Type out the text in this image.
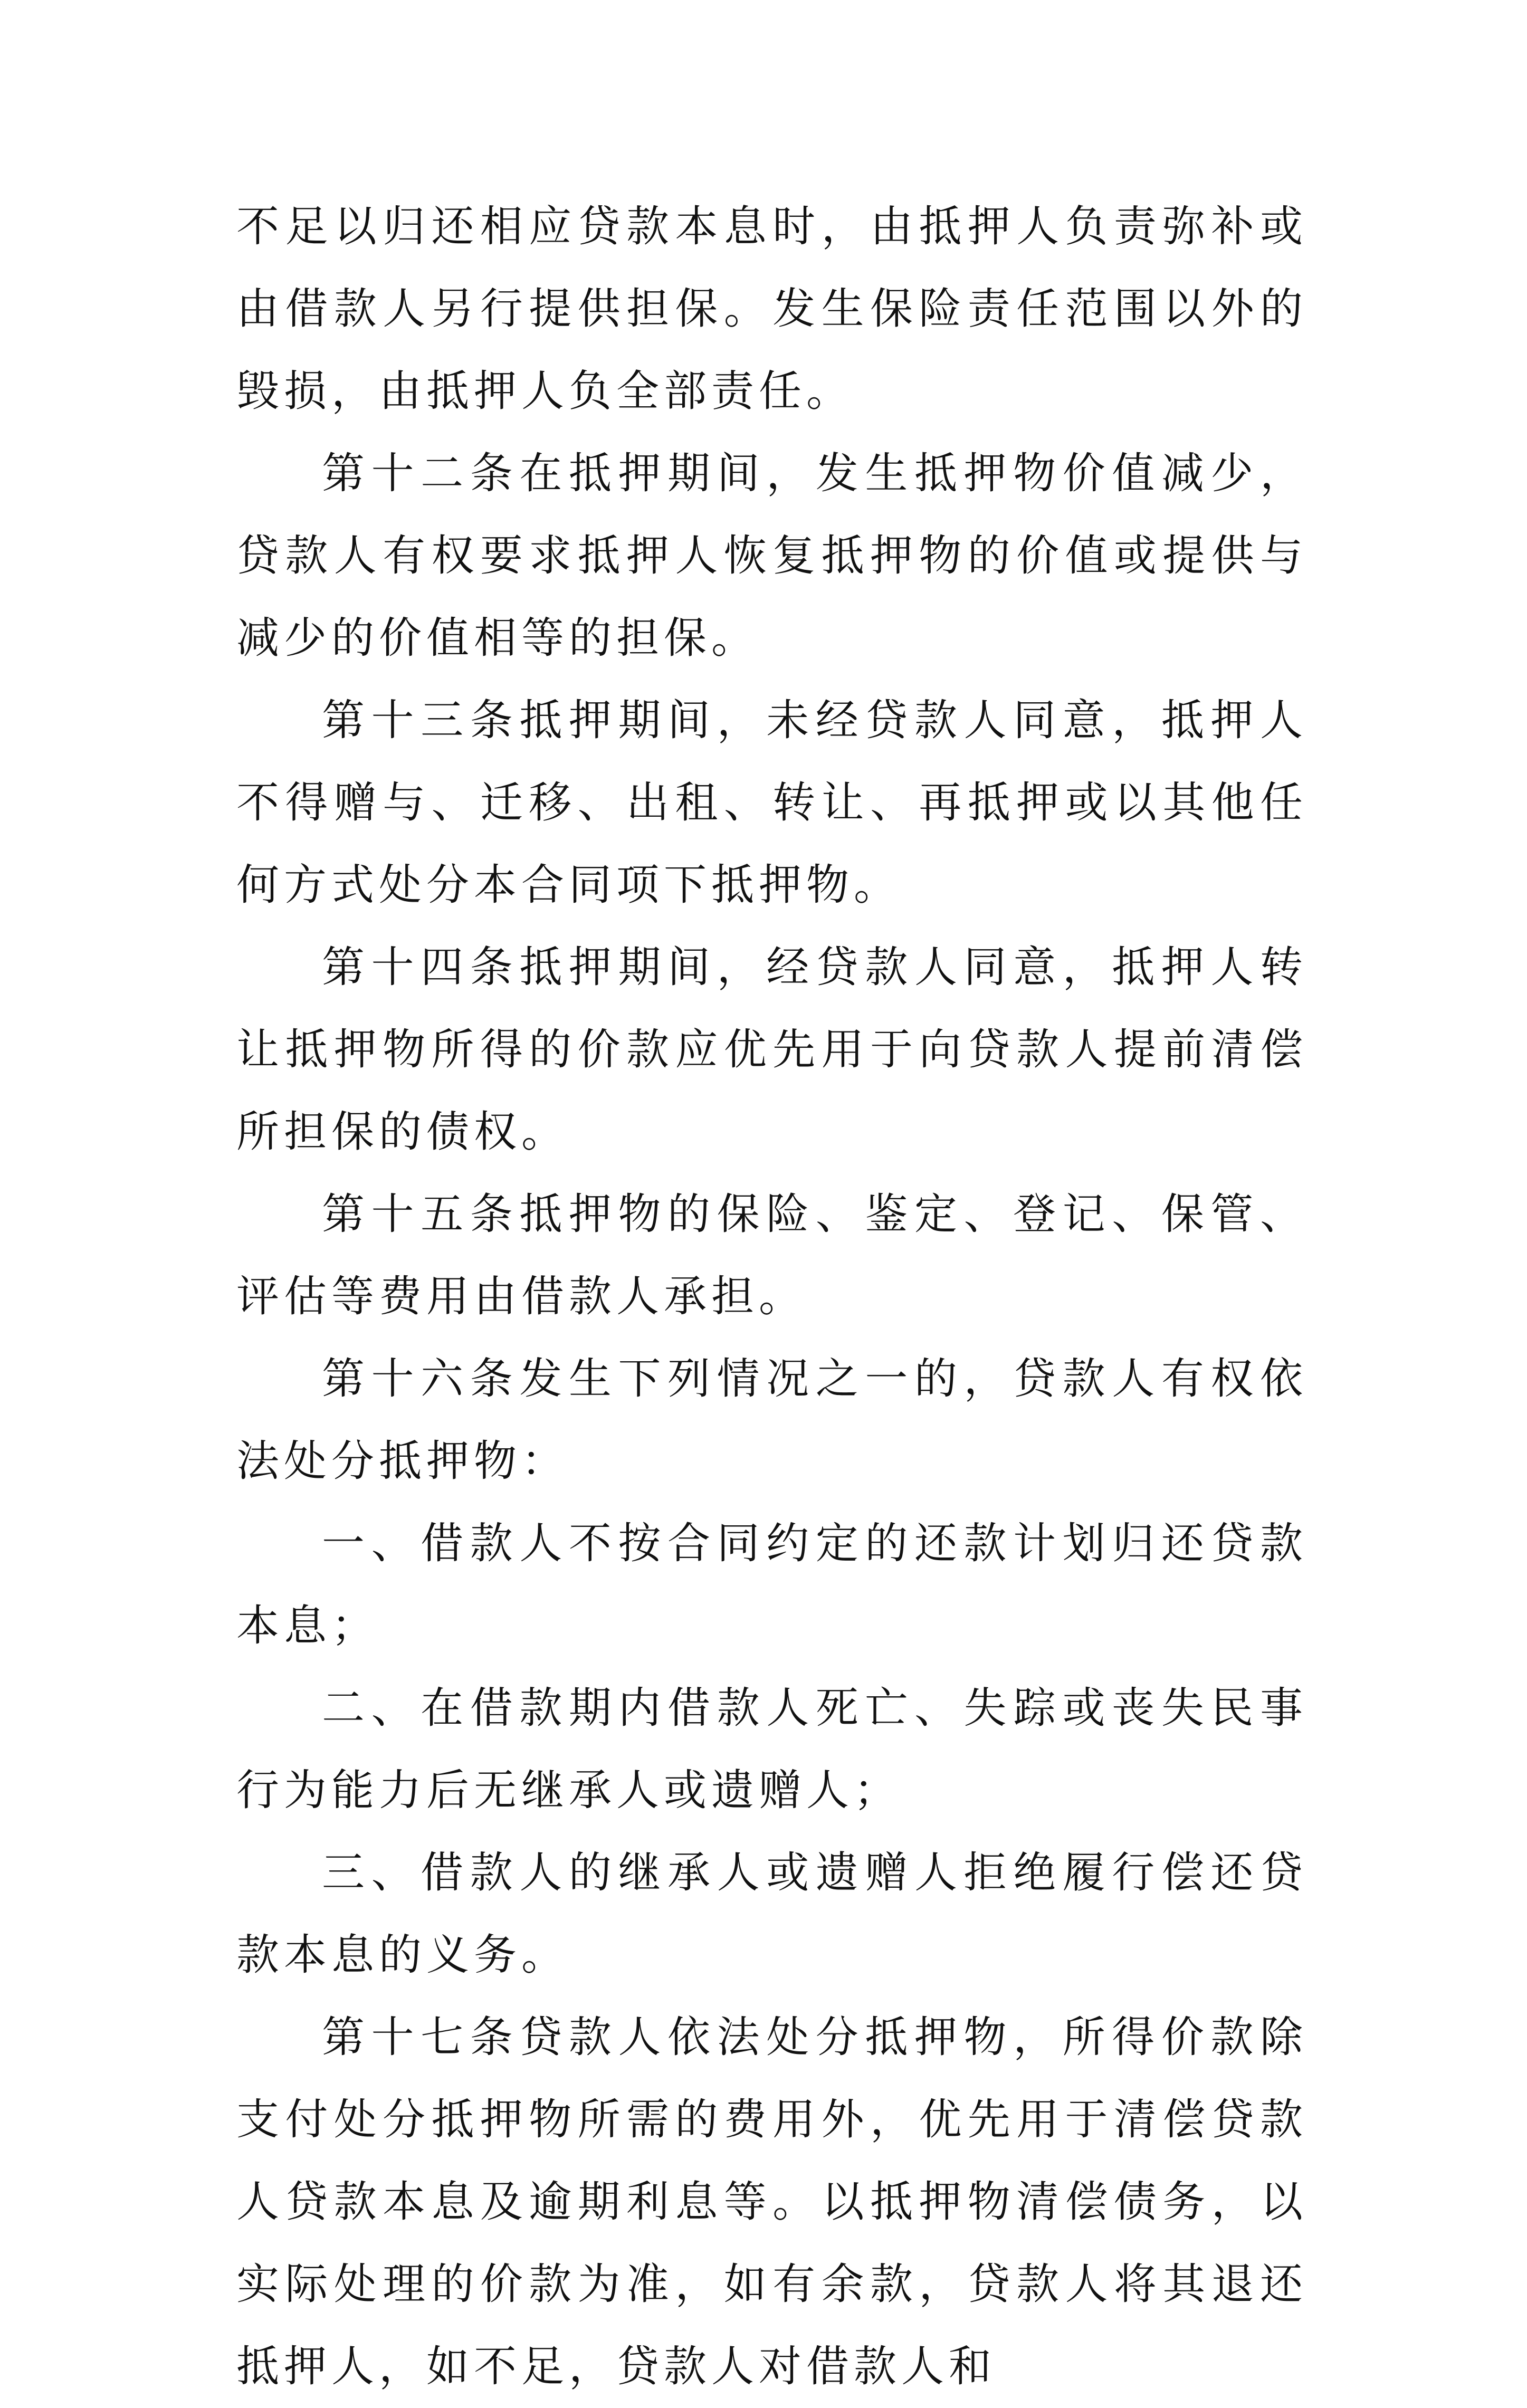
不足以归还相应贷款本息时，由抵押人负责弥补或由借款人另行提供担保。发生保险责任范围以外的毁损，由抵押人负全部责任。

第十二条在抵押期间，发生抵押物价值减少，贷款人有权要求抵押人恢复抵押物的价值或提供与减少的价值相等的担保。

第十三条抵押期间，未经贷款人同意，抵押人不得赠与、迁移、出租、转让、再抵押或以其他任何方式处分本合同项下抵押物。

第十四条抵押期间，经贷款人同意，抵押人转让抵押物所得的价款应优先用于向贷款人提前清偿所担保的债权。

第十五条抵押物的保险、鉴定、登记、保管、评估等费用由借款人承担。

第十六条发生下列情况之一的，贷款人有权依法处分抵押物：

一、借款人不按合同约定的还款计划归还贷款本息；

二、在借款期内借款人死亡、失踪或丧失民事行为能力后无继承人或遗赠人；

三、借款人的继承人或遗赠人拒绝履行偿还贷款本息的义务。

第十七条贷款人依法处分抵押物，所得价款除支付处分抵押物所需的费用外，优先用于清偿贷款人贷款本息及逾期利息等。以抵押物清偿债务，以实际处理的价款为准，如有余款，贷款人将其退还抵押人，如不足，贷款人对借款人和
